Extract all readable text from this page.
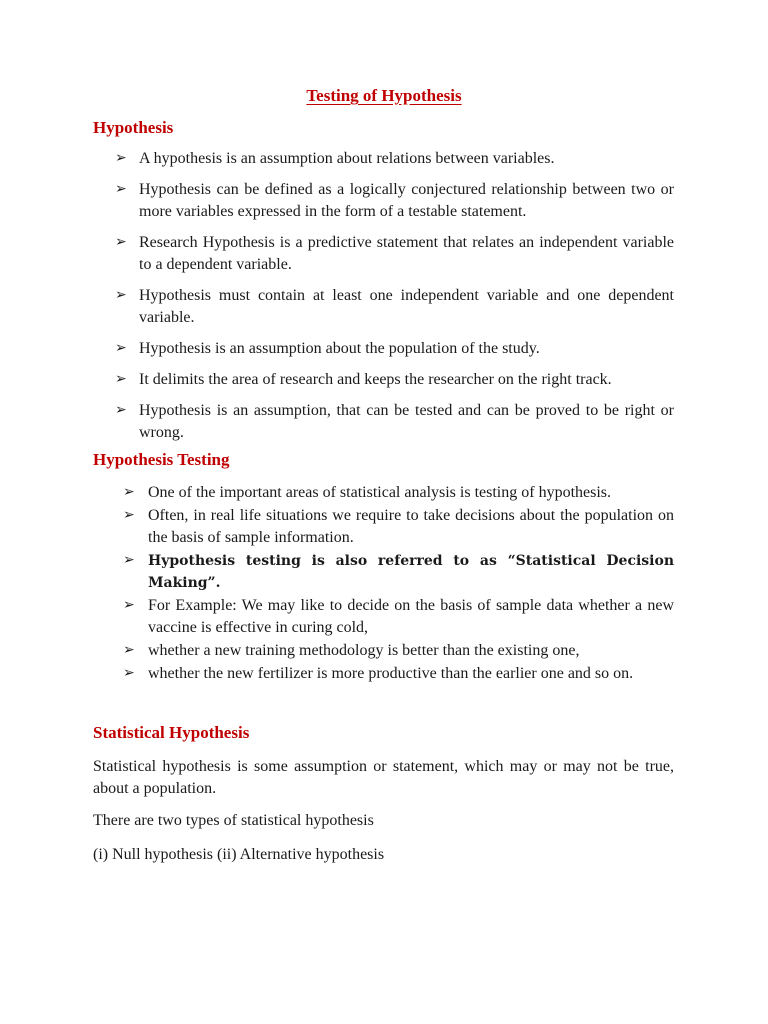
Testing of Hypothesis
Hypothesis
➢ A hypothesis is an assumption about relations between variables.
➢ Hypothesis can be defined as a logically conjectured relationship between two or more variables expressed in the form of a testable statement.
➢ Research Hypothesis is a predictive statement that relates an independent variable to a dependent variable.
➢ Hypothesis must contain at least one independent variable and one dependent variable.
➢ Hypothesis is an assumption about the population of the study.
➢ It delimits the area of research and keeps the researcher on the right track.
➢ Hypothesis is an assumption, that can be tested and can be proved to be right or wrong.
Hypothesis Testing
➢ One of the important areas of statistical analysis is testing of hypothesis.
➢ Often, in real life situations we require to take decisions about the population on the basis of sample information.
➢ Hypothesis testing is also referred to as “Statistical Decision Making”.
➢ For Example: We may like to decide on the basis of sample data whether a new vaccine is effective in curing cold,
➢ whether a new training methodology is better than the existing one,
➢ whether the new fertilizer is more productive than the earlier one and so on.
Statistical Hypothesis

Statistical hypothesis is some assumption or statement, which may or may not be true, about a population.

There are two types of statistical hypothesis

(i) Null hypothesis (ii) Alternative hypothesis
